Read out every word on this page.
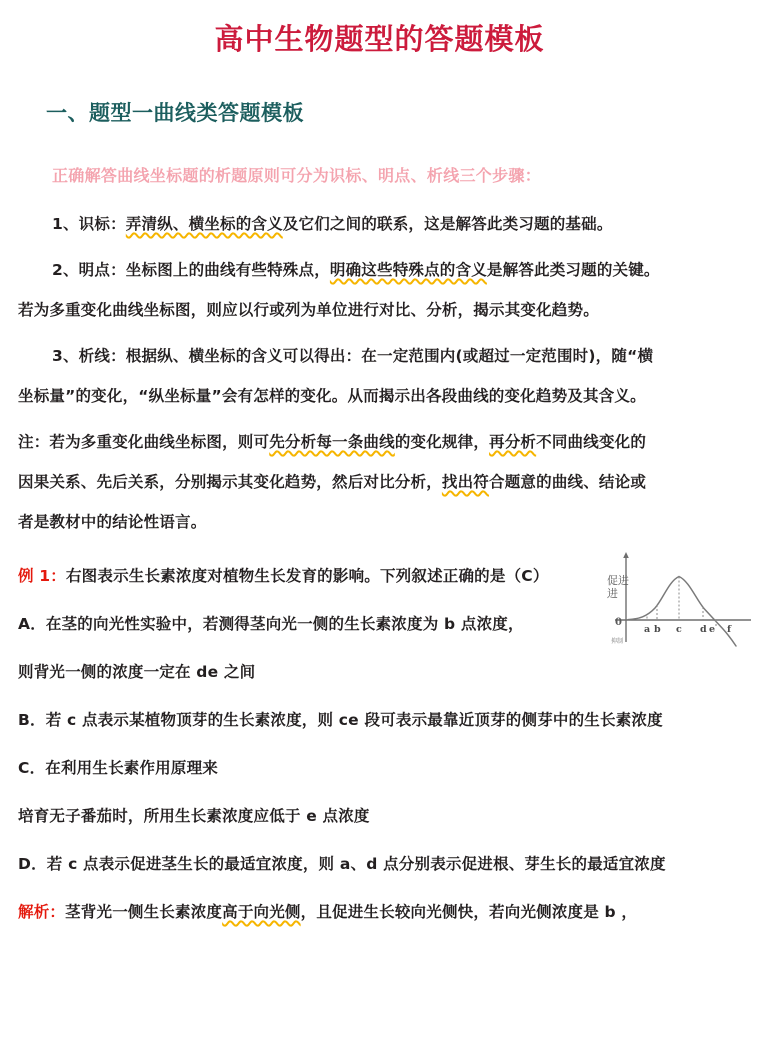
高中生物题型的答题模板
一、题型一曲线类答题模板

正确解答曲线坐标题的析题原则可分为识标、明点、析线三个步骤：

1、识标：弄清纵、横坐标的含义及它们之间的联系，这是解答此类习题的基础。

2、明点：坐标图上的曲线有些特殊点，明确这些特殊点的含义是解答此类习题的关键。

若为多重变化曲线坐标图，则应以行或列为单位进行对比、分析，揭示其变化趋势。

3、析线：根据纵、横坐标的含义可以得出：在一定范围内(或超过一定范围时)，随“横

坐标量”的变化，“纵坐标量”会有怎样的变化。从而揭示出各段曲线的变化趋势及其含义。

注：若为多重变化曲线坐标图，则可先分析每一条曲线的变化规律，再分析不同曲线变化的

因果关系、先后关系，分别揭示其变化趋势，然后对比分析，找出符合题意的曲线、结论或

者是教材中的结论性语言。

0
a b c d e f
促进
进
抑制

例 1：右图表示生长素浓度对植物生长发育的影响。下列叙述正确的是（C）

A．在茎的向光性实验中，若测得茎向光一侧的生长素浓度为 b 点浓度，

则背光一侧的浓度一定在 de 之间

B．若 c 点表示某植物顶芽的生长素浓度，则 ce 段可表示最靠近顶芽的侧芽中的生长素浓度

C．在利用生长素作用原理来

培育无子番茄时，所用生长素浓度应低于 e 点浓度

D．若 c 点表示促进茎生长的最适宜浓度，则 a、d 点分别表示促进根、芽生长的最适宜浓度

解析：茎背光一侧生长素浓度高于向光侧，且促进生长较向光侧快，若向光侧浓度是 b ，
